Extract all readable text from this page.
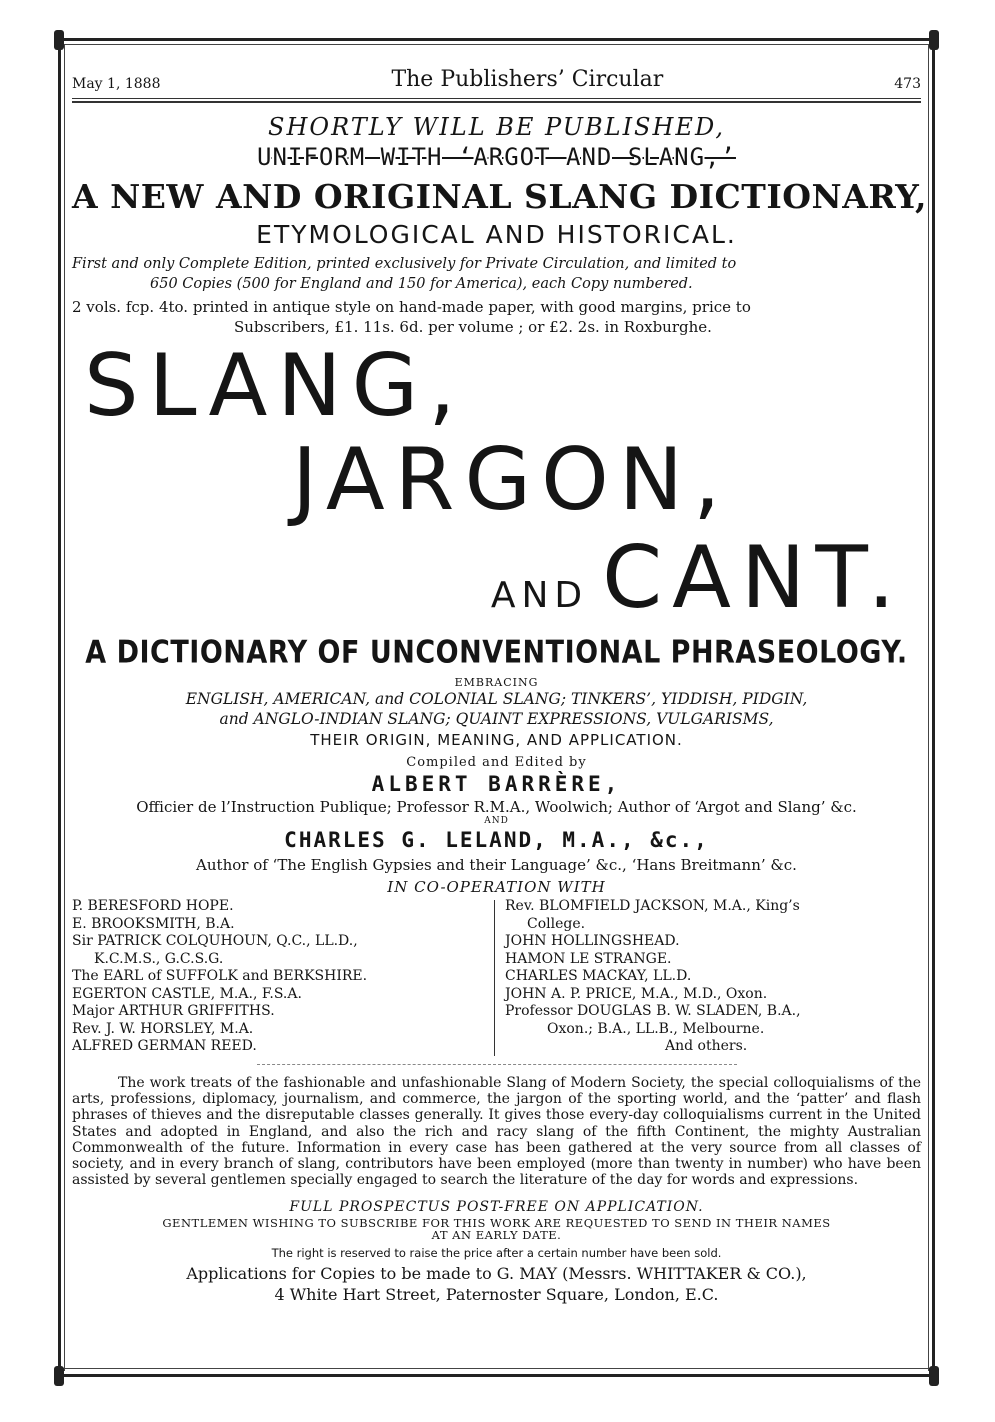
May 1, 1888	The Publishers’ Circular	473
SHORTLY WILL BE PUBLISHED,
UNIFORM WITH ‘ARGOT AND SLANG,’
A NEW AND ORIGINAL SLANG DICTIONARY,
ETYMOLOGICAL AND HISTORICAL.
First and only Complete Edition, printed exclusively for Private Circulation, and limited to
650 Copies (500 for England and 150 for America), each Copy numbered.
2 vols. fcp. 4to. printed in antique style on hand-made paper, with good margins, price to
Subscribers, £1. 11s. 6d. per volume ; or £2. 2s. in Roxburghe.
SLANG,
JARGON,
AND CANT.
A DICTIONARY OF UNCONVENTIONAL PHRASEOLOGY.
EMBRACING
ENGLISH, AMERICAN, and COLONIAL SLANG; TINKERS’, YIDDISH, PIDGIN,
and ANGLO-INDIAN SLANG; QUAINT EXPRESSIONS, VULGARISMS,
THEIR ORIGIN, MEANING, AND APPLICATION.
Compiled and Edited by
ALBERT BARRÈRE,
Officier de l’Instruction Publique; Professor R.M.A., Woolwich; Author of ‘Argot and Slang’ &c.
AND
CHARLES G. LELAND, M.A., &c.,
Author of ‘The English Gypsies and their Language’ &c., ‘Hans Breitmann’ &c.
IN CO-OPERATION WITH
P. BERESFORD HOPE.
E. BROOKSMITH, B.A.
Sir PATRICK COLQUHOUN, Q.C., LL.D.,
K.C.M.S., G.C.S.G.
The EARL of SUFFOLK and BERKSHIRE.
EGERTON CASTLE, M.A., F.S.A.
Major ARTHUR GRIFFITHS.
Rev. J. W. HORSLEY, M.A.
ALFRED GERMAN REED.
Rev. BLOMFIELD JACKSON, M.A., King’s
College.
JOHN HOLLINGSHEAD.
HAMON LE STRANGE.
CHARLES MACKAY, LL.D.
JOHN A. P. PRICE, M.A., M.D., Oxon.
Professor DOUGLAS B. W. SLADEN, B.A.,
Oxon.; B.A., LL.B., Melbourne.
And others.
The work treats of the fashionable and unfashionable Slang of Modern Society, the special colloquialisms of the arts, professions, diplomacy, journalism, and commerce, the jargon of the sporting world, and the ‘patter’ and flash phrases of thieves and the disreputable classes generally. It gives those every-day colloquialisms current in the United States and adopted in England, and also the rich and racy slang of the fifth Continent, the mighty Australian Commonwealth of the future. Information in every case has been gathered at the very source from all classes of society, and in every branch of slang, contributors have been employed (more than twenty in number) who have been assisted by several gentlemen specially engaged to search the literature of the day for words and expressions.
FULL PROSPECTUS POST-FREE ON APPLICATION.
GENTLEMEN WISHING TO SUBSCRIBE FOR THIS WORK ARE REQUESTED TO SEND IN THEIR NAMES
AT AN EARLY DATE.
The right is reserved to raise the price after a certain number have been sold.
Applications for Copies to be made to G. MAY (Messrs. WHITTAKER & CO.),
4 White Hart Street, Paternoster Square, London, E.C.
